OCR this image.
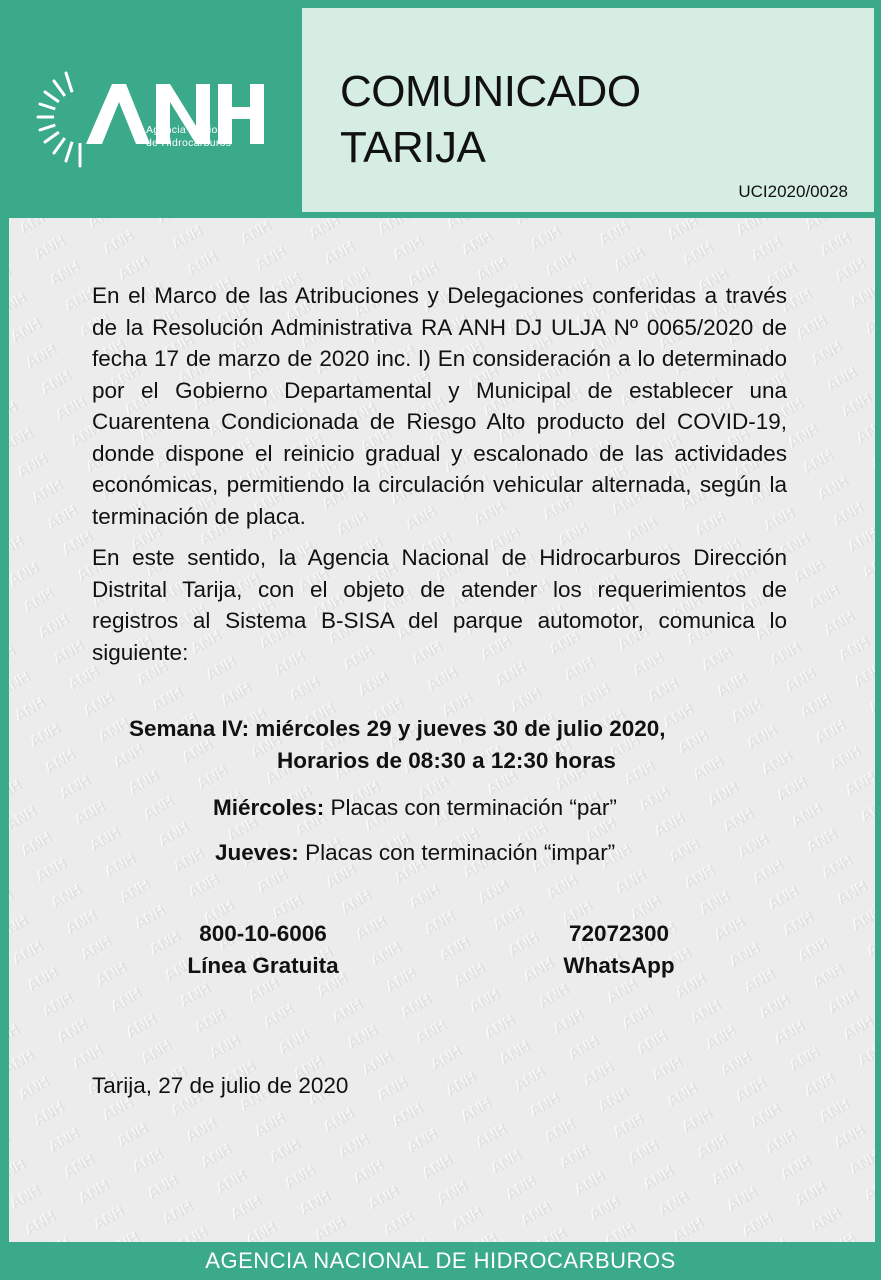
Agencia Nacional
de Hidrocarburos
COMUNICADO
TARIJA
UCI2020/0028

En el Marco de las Atribuciones y Delegaciones conferidas a través de la Resolución Administrativa RA ANH DJ ULJA Nº 0065/2020 de fecha 17 de marzo de 2020 inc. l) En consideración a lo determinado por el Gobierno Departamental y Municipal de establecer una Cuarentena Condicionada de Riesgo Alto producto del COVID-19, donde dispone el reinicio gradual y escalonado de las actividades económicas, permitiendo la circulación vehicular alternada, según la terminación de placa.

En este sentido, la Agencia Nacional de Hidrocarburos Dirección Distrital Tarija, con el objeto de atender los requerimientos de registros al Sistema B-SISA del parque automotor, comunica lo siguiente:

Semana IV: miércoles 29 y jueves 30 de julio 2020,
Horarios de 08:30 a 12:30 horas
Miércoles: Placas con terminación “par”
Jueves: Placas con terminación “impar”
800-10-6006
Línea Gratuita
72072300
WhatsApp
Tarija, 27 de julio de 2020
AGENCIA NACIONAL DE HIDROCARBUROS
